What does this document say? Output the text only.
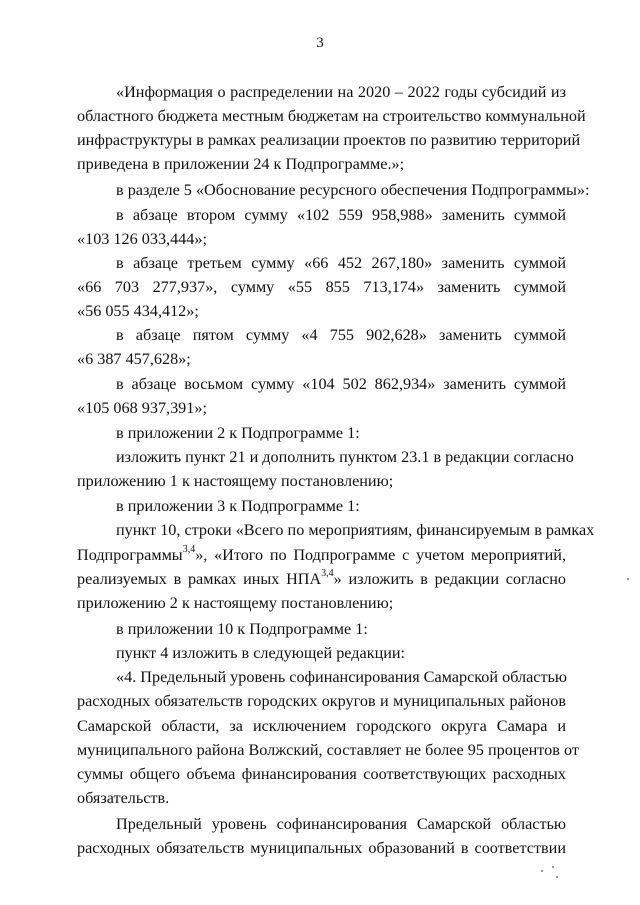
3
«Информация о распределении на 2020 – 2022 годы субсидий из
областного бюджета местным бюджетам на строительство коммунальной
инфраструктуры в рамках реализации проектов по развитию территорий
приведена в приложении 24 к Подпрограмме.»;
в разделе 5 «Обоснование ресурсного обеспечения Подпрограммы»:
в абзаце втором сумму «102 559 958,988» заменить суммой
«103 126 033,444»;
в абзаце третьем сумму «66 452 267,180» заменить суммой
«66 703 277,937», сумму «55 855 713,174» заменить суммой
«56 055 434,412»;
в абзаце пятом сумму «4 755 902,628» заменить суммой
«6 387 457,628»;
в абзаце восьмом сумму «104 502 862,934» заменить суммой
«105 068 937,391»;
в приложении 2 к Подпрограмме 1:
изложить пункт 21 и дополнить пунктом 23.1 в редакции согласно
приложению 1 к настоящему постановлению;
в приложении 3 к Подпрограмме 1:
пункт 10, строки «Всего по мероприятиям, финансируемым в рамках
Подпрограммы$^{3,4}$», «Итого по Подпрограмме с учетом мероприятий,
реализуемых в рамках иных НПА$^{3,4}$» изложить в редакции согласно
приложению 2 к настоящему постановлению;
в приложении 10 к Подпрограмме 1:
пункт 4 изложить в следующей редакции:
«4. Предельный уровень софинансирования Самарской областью
расходных обязательств городских округов и муниципальных районов
Самарской области, за исключением городского округа Самара и
муниципального района Волжский, составляет не более 95 процентов от
суммы общего объема финансирования соответствующих расходных
обязательств.
Предельный уровень софинансирования Самарской областью
расходных обязательств муниципальных образований в соответствии
